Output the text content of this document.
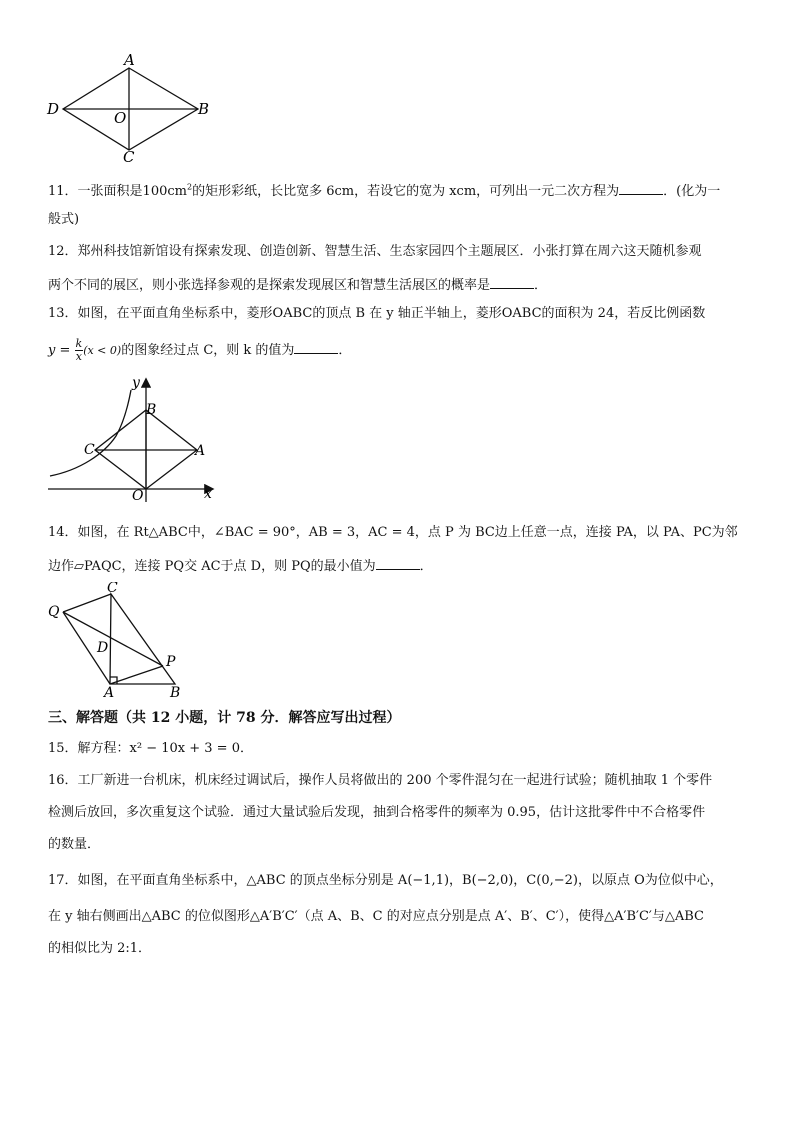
A
B
C
D	O
11．一张面积是$100cm^2$的矩形彩纸，长比宽多 6cm，若设它的宽为 xcm，可列出一元二次方程为	．(化为一
般式)
12．郑州科技馆新馆设有探索发现、创造创新、智慧生活、生态家园四个主题展区．小张打算在周六这天随机参观
两个不同的展区，则小张选择参观的是探索发现展区和智慧生活展区的概率是	．
13．如图，在平面直角坐标系中，菱形OABC的顶点 B 在 y 轴正半轴上，菱形OABC的面积为 24，若反比例函数
$y = \frac{k}{x} (x < 0)$的图象经过点 C，则 k 的值为	．
y
x
B
C	A
O
14．如图，在 Rt△ABC中，∠BAC = 90°，AB = 3，AC = 4，点 P 为 BC边上任意一点，连接 PA，以 PA、PC为邻
边作▱PAQC，连接 PQ交 AC于点 D，则 PQ的最小值为	．
Q
C
D
P
A	B
三、解答题（共 12 小题，计 78 分．解答应写出过程）
15．解方程：x² − 10x + 3 = 0．
16．工厂新进一台机床，机床经过调试后，操作人员将做出的 200 个零件混匀在一起进行试验；随机抽取 1 个零件
检测后放回，多次重复这个试验．通过大量试验后发现，抽到合格零件的频率为 0.95，估计这批零件中不合格零件
的数量．
17．如图，在平面直角坐标系中，△ABC 的顶点坐标分别是 A(−1,1)，B(−2,0)，C(0,−2)，以原点 O为位似中心，
在 y 轴右侧画出△ABC 的位似图形△A′B′C′（点 A、B、C 的对应点分别是点 A′、B′、C′），使得△A′B′C′与△ABC
的相似比为 2:1．
